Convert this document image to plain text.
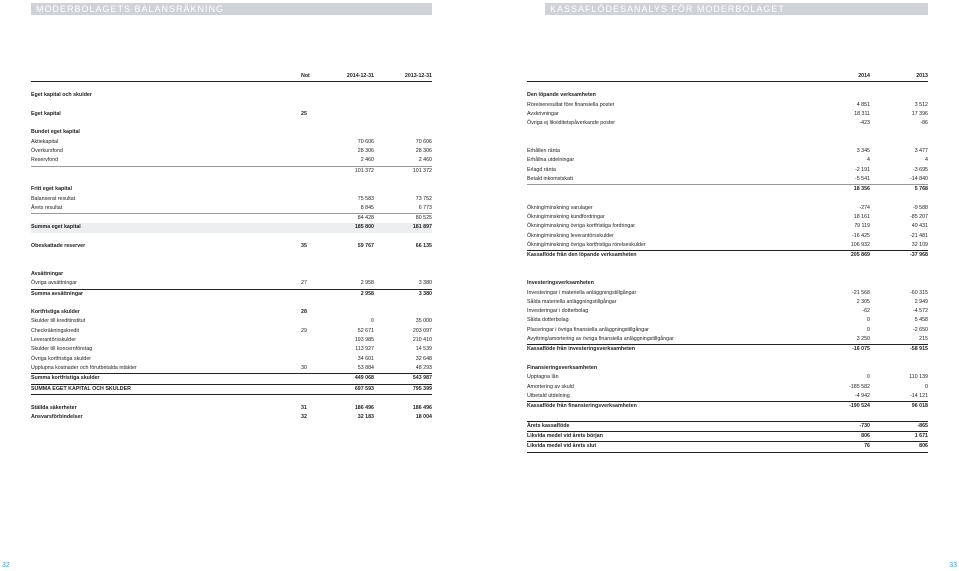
MODERBOLAGETS BALANSRÄKNING	KASSAFLÖDESANALYS FÖR MODERBOLAGET
Not	2014-12-31	2013-12-31
Eget kapital och skulder
Eget kapital	25
Bundet eget kapital
Aktiekapital	70 606	70 606
Överkursfond	28 306	28 306
Reservfond	2 460	2 460
101 372	101 372
Fritt eget kapital
Balanserat resultat	75 583	73 752
Årets resultat	8 845	6 773
84 428	80 525
Summa eget kapital	185 800	181 897
Obeskattade reserver	35	59 767	66 135
Avsättningar
Övriga avsättningar	27	2 958	3 380
Summa avsättningar	2 958	3 380
Kortfristiga skulder	28
Skulder till kreditinstitut	0	35 000
Checkräkningskredit	29	52 671	203 097
Leverantörsskulder	193 985	210 410
Skulder till koncernföretag	113 927	14 539
Övriga kortfristiga skulder	34 601	32 648
Upplupna kostnader och förutbetalda intäkter	30	53 884	48 293
Summa kortfristiga skulder	449 068	543 987
SUMMA EGET KAPITAL OCH SKULDER	697 593	795 399
Ställda säkerheter	31	186 496	186 496
Ansvarsförbindelser	32	32 183	18 004
2014	2013
Den löpande verksamheten
Rörelseresultat före finansiella poster	4 851	3 512
Avskrivningar	18 311	17 396
Övriga ej likviditetspåverkande poster	-423	-86
Erhållen ränta	3 345	3 477
Erhållna utdelningar	4	4
Erlagd ränta	-2 191	-3 695
Betald inkomstskatt	-5 541	-14 840
18 356	5 768
Ökning/minskning varulager	-274	-9 588
Ökning/minskning kundfordringar	18 161	-85 207
Ökning/minskning övriga kortfristiga fordringar	79 119	40 431
Ökning/minskning leverantörsskulder	-16 425	-21 481
Ökning/minskning övriga kortfristiga rörelseskulder	106 932	32 109
Kassaflöde från den löpande verksamheten	205 869	-37 968
Investeringsverksamheten
Investeringar i materiella anläggningstillgångar	-21 568	-60 315
Sålda materiella anläggningstillgångar	2 305	2 949
Investeringar i dotterbolag	-62	-4 572
Sålda dotterbolag	0	5 458
Placeringar i övriga finansiella anläggningstillgångar	0	-2 650
Avyttring/amortering av övriga finansiella anläggningstillgångar	3 250	215
Kassaflöde från investeringsverksamheten	-16 075	-58 915
Finansieringsverksamheten
Upptagna lån	0	110 139
Amortering av skuld	-185 582	0
Utbetald utdelning	-4 942	-14 121
Kassaflöde från finansieringsverksamheten	-190 524	96 018
Årets kassaflöde	-730	-865
Likvida medel vid årets början	806	1 671
Likvida medel vid årets slut	76	806
32	33
